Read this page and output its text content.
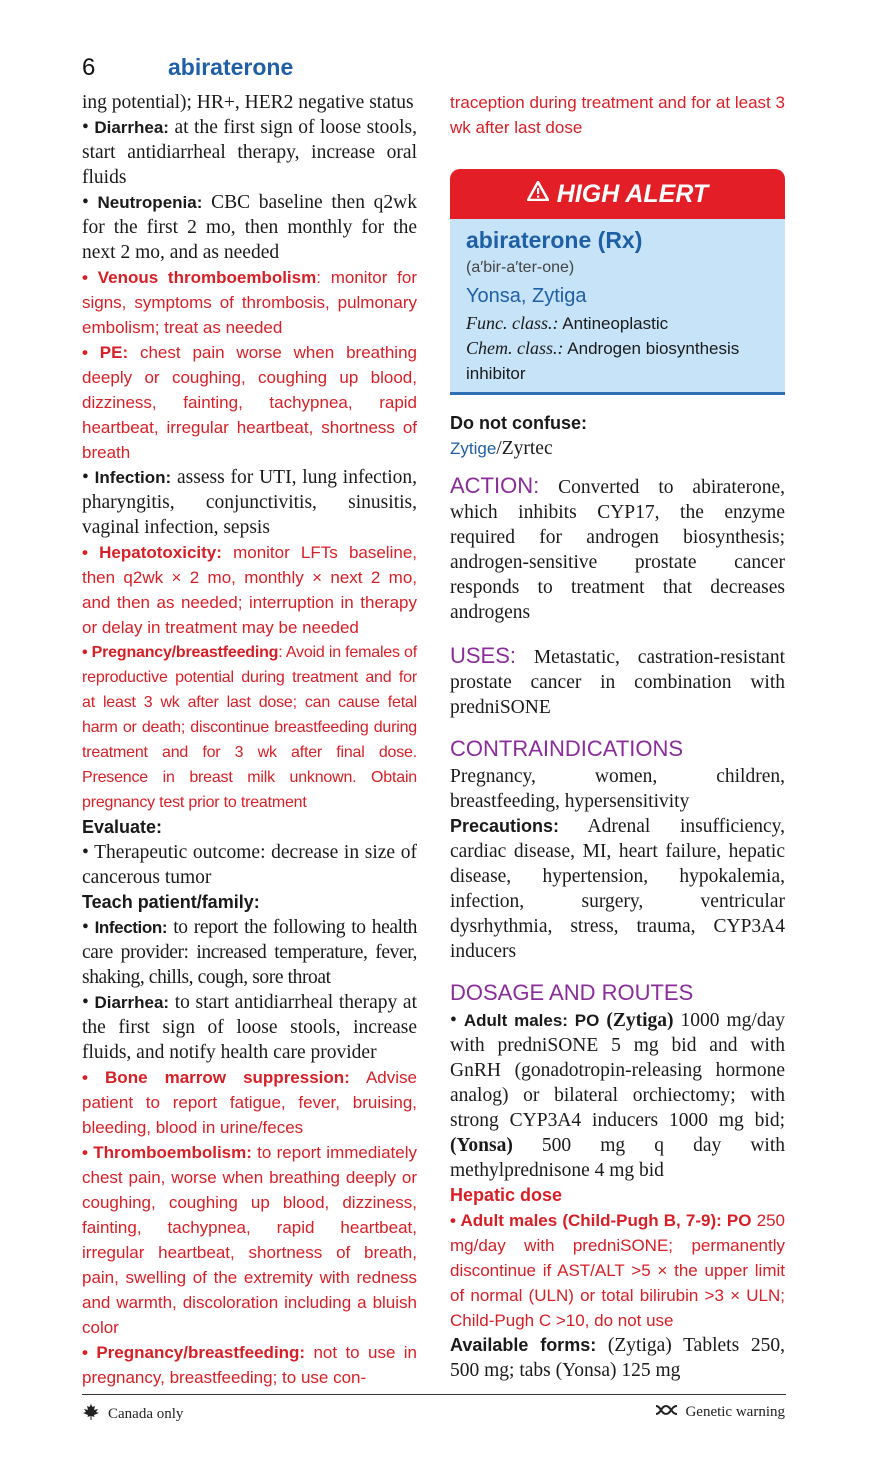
6	abiraterone

ing potential); HR+, HER2 negative status

• Diarrhea: at the first sign of loose stools, start antidiarrheal therapy, increase oral fluids

• Neutropenia: CBC baseline then q2wk for the first 2 mo, then monthly for the next 2 mo, and as needed

• Venous thromboembolism: monitor for signs, symptoms of thrombosis, pulmonary embolism; treat as needed

• PE: chest pain worse when breathing deeply or coughing, coughing up blood, dizziness, fainting, tachypnea, rapid heartbeat, irregular heartbeat, shortness of breath

• Infection: assess for UTI, lung infection, pharyngitis, conjunctivitis, sinusitis, vaginal infection, sepsis

• Hepatotoxicity: monitor LFTs baseline, then q2wk × 2 mo, monthly × next 2 mo, and then as needed; interruption in therapy or delay in treatment may be needed

• Pregnancy/breastfeeding: Avoid in females of reproductive potential during treatment and for at least 3 wk after last dose; can cause fetal harm or death; discontinue breastfeeding during treatment and for 3 wk after final dose. Presence in breast milk unknown. Obtain pregnancy test prior to treatment

Evaluate:

• Therapeutic outcome: decrease in size of cancerous tumor

Teach patient/family:

• Infection: to report the following to health care provider: increased temperature, fever, shaking, chills, cough, sore throat

• Diarrhea: to start antidiarrheal therapy at the first sign of loose stools, increase fluids, and notify health care provider

• Bone marrow suppression: Advise patient to report fatigue, fever, bruising, bleeding, blood in urine/feces

• Thromboembolism: to report immediately chest pain, worse when breathing deeply or coughing, coughing up blood, dizziness, fainting, tachypnea, rapid heartbeat, irregular heartbeat, shortness of breath, pain, swelling of the extremity with redness and warmth, discoloration including a bluish color

• Pregnancy/breastfeeding: not to use in pregnancy, breastfeeding; to use con-

traception during treatment and for at least 3 wk after last dose

HIGH ALERT
abiraterone (Rx)
(a′bir-a′ter-one)
Yonsa, Zytiga
Func. class.: Antineoplastic
Chem. class.: Androgen biosynthesis inhibitor

Do not confuse:

Zytige/Zyrtec

ACTION: Converted to abiraterone, which inhibits CYP17, the enzyme required for androgen biosynthesis; androgen-sensitive prostate cancer responds to treatment that decreases androgens

USES: Metastatic, castration-resistant prostate cancer in combination with predniSONE

CONTRAINDICATIONS

Pregnancy, women, children, breastfeeding, hypersensitivity

Precautions: Adrenal insufficiency, cardiac disease, MI, heart failure, hepatic disease, hypertension, hypokalemia, infection, surgery, ventricular dysrhythmia, stress, trauma, CYP3A4 inducers

DOSAGE AND ROUTES

• Adult males: PO (Zytiga) 1000 mg/day with predniSONE 5 mg bid and with GnRH (gonadotropin-releasing hormone analog) or bilateral orchiectomy; with strong CYP3A4 inducers 1000 mg bid; (Yonsa) 500 mg q day with methylprednisone 4 mg bid

Hepatic dose

• Adult males (Child-Pugh B, 7-9): PO 250 mg/day with predniSONE; permanently discontinue if AST/ALT >5 × the upper limit of normal (ULN) or total bilirubin >3 × ULN; Child-Pugh C >10, do not use

Available forms: (Zytiga) Tablets 250, 500 mg; tabs (Yonsa) 125 mg

Canada only	Genetic warning
